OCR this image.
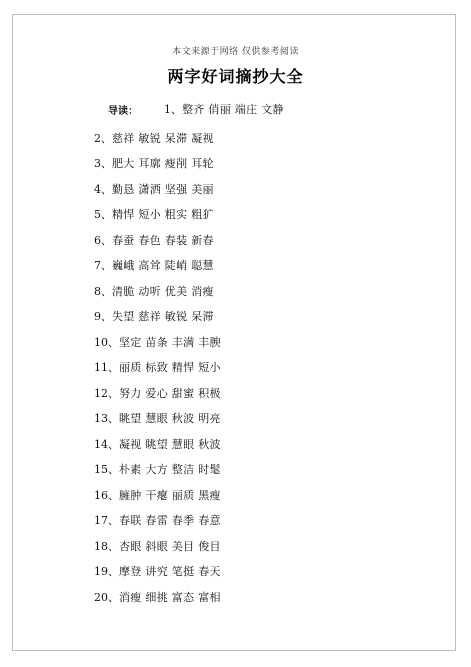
本文来源于网络 仅供参考阅读
两字好词摘抄大全
导读： 1、 整齐 俏丽 端庄 文静
2、 慈祥 敏锐 呆滞 凝视
3、 肥大 耳廓 瘦削 耳轮
4、 勤恳 潇洒 坚强 美丽
5、 精悍 短小 粗实 粗犷
6、 春蚕 春色 春装 新春
7、 巍峨 高耸 陡峭 聪慧
8、 清脆 动听 优美 消瘦
9、 失望 慈祥 敏锐 呆滞
10、 坚定 苗条 丰满 丰腴
11、 丽质 标致 精悍 短小
12、 努力 爱心 甜蜜 积极
13、 眺望 慧眼 秋波 明亮
14、 凝视 眺望 慧眼 秋波
15、 朴素 大方 整洁 时髦
16、 臃肿 干瘪 丽质 黑瘦
17、 春联 春雷 春季 春意
18、 杏眼 斜眼 美目 俊目
19、 摩登 讲究 笔挺 春天
20、 消瘦 细挑 富态 富相
